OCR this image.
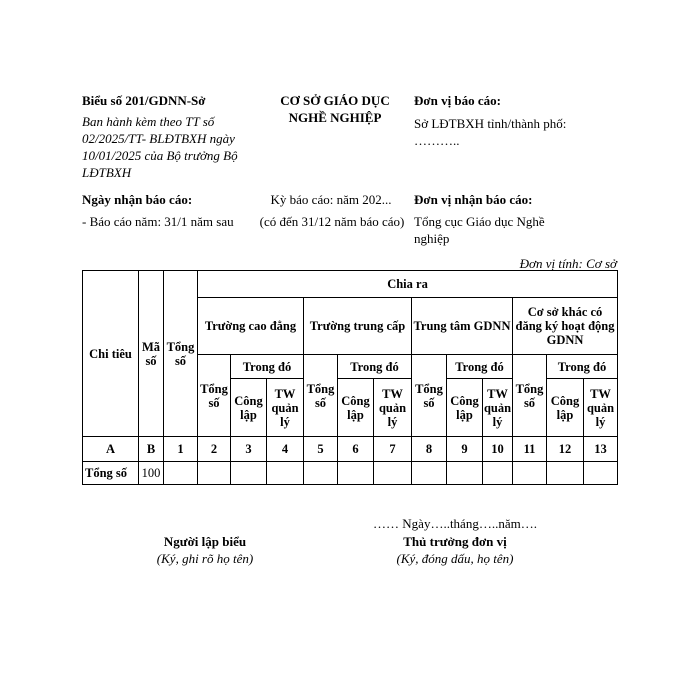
Biểu số 201/GDNN-Sở
Ban hành kèm theo TT số 02/2025/TT- BLĐTBXH ngày 10/01/2025 của Bộ trưởng Bộ LĐTBXH
CƠ SỞ GIÁO DỤC
NGHỀ NGHIỆP
Đơn vị báo cáo:
Sở LĐTBXH tỉnh/thành phố: ………..
Ngày nhận báo cáo:
- Báo cáo năm: 31/1 năm sau
Kỳ báo cáo: năm 202...
(có đến 31/12 năm báo cáo)
Đơn vị nhận báo cáo:
Tổng cục Giáo dục Nghề nghiệp
Đơn vị tính: Cơ sở
Chi tiêu	Mã số	Tổng số	Chia ra											
			Trường cao đẳng			Trường trung cấp			Trung tâm GDNN			Cơ sở khác có đăng ký hoạt động GDNN		
			Tổng số	Trong đó		Tổng số	Trong đó		Tổng số	Trong đó		Tổng số	Trong đó	
				Công lập	TW quản lý		Công lập	TW quản lý		Công lập	TW quản lý		Công lập	TW quản lý
A	B	1	2	3	4	5	6	7	8	9	10	11	12	13
Tổng số	100													
…… Ngày…..tháng…..năm….
Người lập biểu
(Ký, ghi rõ họ tên)
Thủ trưởng đơn vị
(Ký, đóng dấu, họ tên)
